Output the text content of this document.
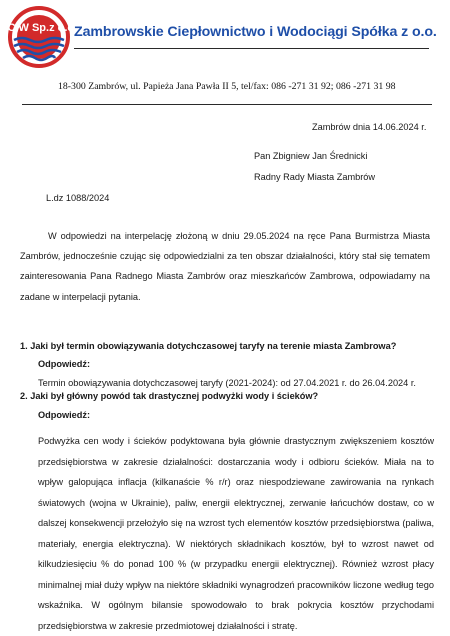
ZCiW Sp.z o.o.
Zambrowskie Ciepłownictwo i Wodociągi Spółka z o.o.
18-300 Zambrów, ul. Papieża Jana Pawła II 5, tel/fax: 086 -271 31 92; 086 -271 31 98
Zambrów dnia 14.06.2024 r.
Pan Zbigniew Jan Średnicki
Radny Rady Miasta Zambrów
L.dz 1088/2024
W odpowiedzi na interpelację złożoną w dniu 29.05.2024 na ręce Pana Burmistrza Miasta Zambrów, jednocześnie czując się odpowiedzialni za ten obszar działalności, który stał się tematem zainteresowania Pana Radnego Miasta Zambrów oraz mieszkańców Zambrowa, odpowiadamy na zadane w interpelacji pytania.
1. Jaki był termin obowiązywania dotychczasowej taryfy na terenie miasta Zambrowa?
Odpowiedź:
Termin obowiązywania dotychczasowej taryfy (2021-2024): od 27.04.2021 r. do 26.04.2024 r.
2. Jaki był główny powód tak drastycznej podwyżki wody i ścieków?
Odpowiedź:
Podwyżka cen wody i ścieków podyktowana była głównie drastycznym zwiększeniem kosztów przedsiębiorstwa w zakresie działalności: dostarczania wody i odbioru ścieków. Miała na to wpływ galopująca inflacja (kilkanaście % r/r) oraz niespodziewane zawirowania na rynkach światowych (wojna w Ukrainie), paliw, energii elektrycznej, zerwanie łańcuchów dostaw, co w dalszej konsekwencji przełożyło się na wzrost tych elementów kosztów przedsiębiorstwa (paliwa, materiały, energia elektryczna). W niektórych składnikach kosztów, był to wzrost nawet od kilkudziesięciu % do ponad 100 % (w przypadku energii elektrycznej). Również wzrost płacy minimalnej miał duży wpływ na niektóre składniki wynagrodzeń pracowników liczone według tego wskaźnika. W ogólnym bilansie spowodowało to brak pokrycia kosztów przychodami przedsiębiorstwa w zakresie przedmiotowej działalności i stratę.
